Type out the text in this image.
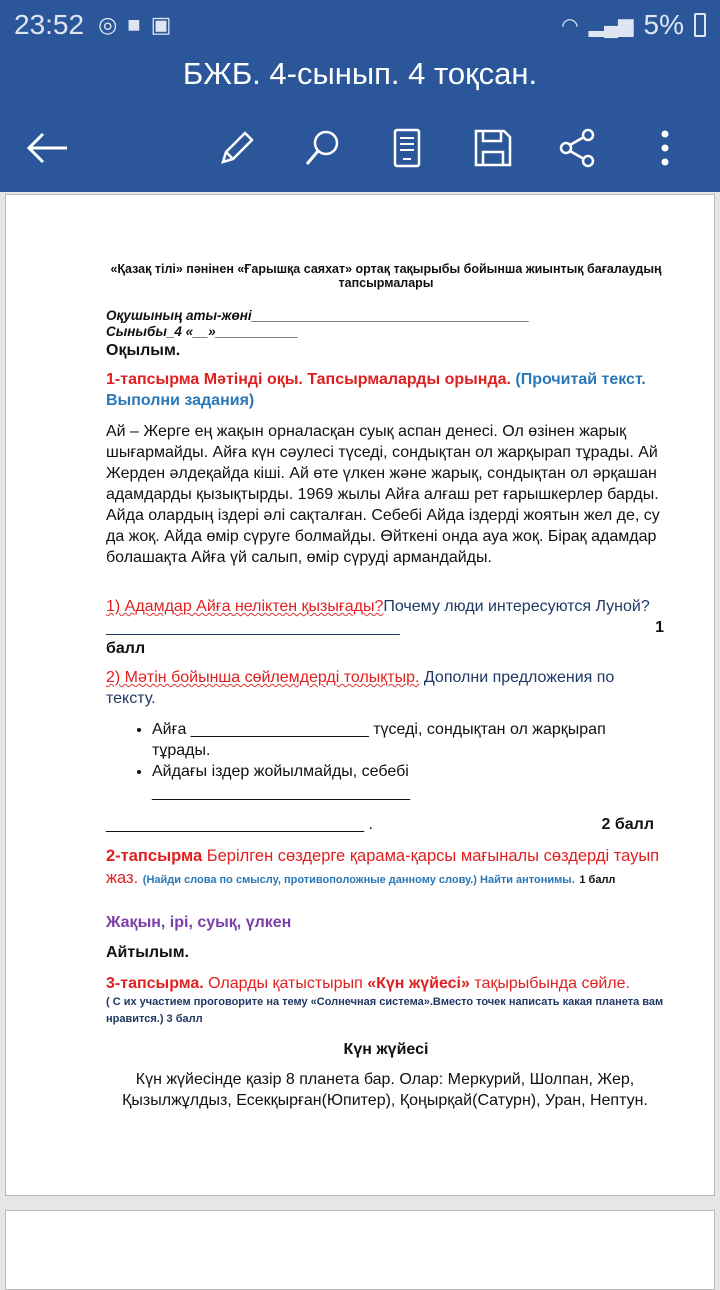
23:52 ◎ ■ ▣	◠ ▂▄▆ 5%
БЖБ. 4-сынып. 4 тоқсан.
«Қазақ тілі» пәнінен «Ғарышқа саяхат» ортақ тақырыбы бойынша жиынтық бағалаудың тапсырмалары
Оқушының аты-жөні_____________________________________
Сыныбы_4 «__»___________
Оқылым.
1-тапсырма Мәтінді оқы. Тапсырмаларды орында. (Прочитай текст. Выполни задания)
Ай – Жерге ең жақын орналасқан суық аспан денесі. Ол өзінен жарық шығармайды. Айға күн сәулесі түседі, сондықтан ол жарқырап тұрады. Ай Жерден әлдеқайда кіші. Ай өте үлкен және жарық, сондықтан ол әрқашан адамдарды қызықтырды. 1969 жылы Айға алғаш рет ғарышкерлер барды. Айда олардың іздері әлі сақталған. Себебі Айда іздерді жоятын жел де, су да жоқ. Айда өмір сүруге болмайды. Өйткені онда ауа жоқ. Бірақ адамдар болашақта Айға үй салып, өмір сүруді армандайды.
1) Адамдар Айға неліктен қызығады?Почему люди интересуются Луной? _________________________________	1

балл
2) Мәтін бойынша сөйлемдерді толықтыр. Дополни предложения по тексту.
• Айға ____________________ түседі, сондықтан ол жарқырап тұрады.
• Айдағы іздер жойылмайды, себебі _____________________________
_____________________________ .	2 балл
2-тапсырма Берілген сөздерге қарама-қарсы мағыналы сөздерді тауып жаз. (Найди слова по смыслу, противоположные данному слову.) Найти антонимы. 1 балл
Жақын, ірі, суық, үлкен
Айтылым.
3-тапсырма. Оларды қатыстырып «Күн жүйесі» тақырыбында сөйле.
( С их участием проговорите на тему «Солнечная система».Вместо точек написать какая планета вам нравится.) 3 балл
Күн жүйесі
Күн жүйесінде қазір 8 планета бар. Олар: Меркурий, Шолпан, Жер, Қызылжұлдыз, Есекқырған(Юпитер), Қоңырқай(Сатурн), Уран, Нептун.
